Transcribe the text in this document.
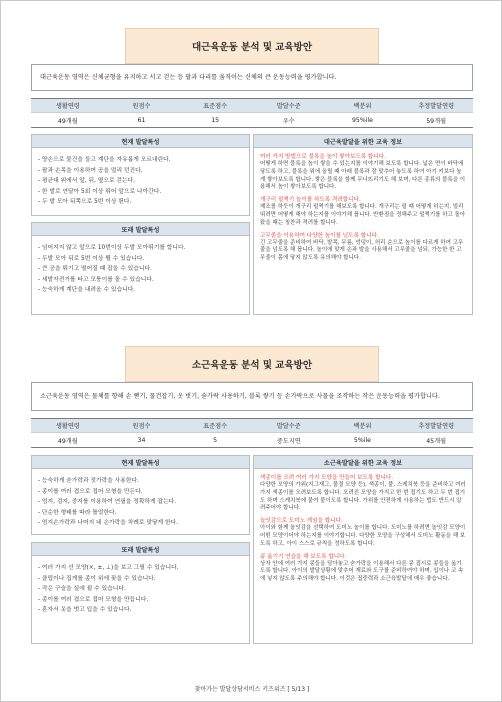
대근육운동 분석 및 교육방안
대근육운동 영역은 신체균형을 유지하고 서고 걷는 등 팔과 다리를 움직이는 신체의 큰 운동능력을 평가합니다.
생활연령	원점수	표준점수	발달수준	백분위	추정발달연령
49개월	61	15	우수	95%ile	59개월
현재 발달특성
- 양손으로 물건을 들고 계단을 자유롭게 오르내린다.
- 팔과 손목을 이용하여 공을 멀리 던진다.
- 평균대 위에서 앞, 뒤, 옆으로 걷는다.
- 한 발로 연달아 5회 이상 뛰어 앞으로 나아간다.
- 두 발 모아 뒤쪽으로 5번 이상 뛴다.
또래 발달특성
- 넘어지지 않고 앞으로 10번이상 두발 모아뛰기를 합니다.
- 두발 모아 뒤로 5번 이상 뛸 수 있습니다.
- 큰 공을 튀기고 떨어질 때 잡을 수 있습니다.
- 세발자전거를 타고 모퉁이를 돌 수 있습니다.
- 능숙하게 계단을 내려올 수 있습니다.
대근육발달을 위한 교육 정보
여러 가지 방법으로 블록을 높이 쌓아보도록 합니다.
어떻게 하면 블록을 높이 쌓을 수 있는지를 이야기해 보도록 합니다. 넓은 면이 바닥에 닿도록 하고, 블록을 위에 올릴 때 아래 블록과 잘 맞추어 놓도록 하여 아기 키보다 높게 쌓아보도록 합니다. 쌓은 블록을 함께 무너뜨리기도 해 보며, 다른 종류의 블록을 이용해서 높이 쌓아보도록 합니다.
개구리 펄쩍기 놀이를 하도록 격려합니다.
제조를 하듯이 개구리 펄쩍기를 해보도록 합니다. 개구리는 펄 때 어떻게 하는지, 멀리 뛰려면 어떻게 해야 하는지를 이야기해 봅니다. 반환점을 정해주고 펄쩍기를 하고 돌아왔을 때는 칭찬과 격려를 합니다.
고무줄을 이용하여 다양한 높이를 넘도록 합니다.
긴 고무줄을 준비하여 바닥, 발목, 무릎, 엉덩이, 허리 순으로 높이를 다르게 하여 고무줄을 넘도록 해 봅니다. 높이에 맞게 손과 발을 사용해서 고무줄을 넘되, 가능한 한 고무줄이 몸에 닿지 않도록 유의해야 합니다.
소근육운동 분석 및 교육방안
소근육운동 영역은 물체를 향해 손 뻗기, 물건잡기, 옷 벗기, 숟가락 사용하기, 블록 쌓기 등 손가락으로 사물을 조작하는 작은 운동능력을 평가합니다.
생활연령	원점수	표준점수	발달수준	백분위	추정발달연령
49개월	34	5	중도지연	5%ile	45개월
현재 발달특성
- 능숙하게 숟가락과 젓가락을 사용한다.
- 종이를 여러 겹으로 접어 모형을 만든다.
- 엄지, 검지, 중지를 이용하여 연필을 정확하게 잡는다.
- 단순한 형태를 따라 틀었한다.
- 엄지손가락과 나머지 네 손가락을 차례로 맞닿게 한다.
또래 발달특성
- 여러 가지 선 모양(×, ±, ⊥)을 보고 그릴 수 있습니다.
- 클립이나 집게를 종이 위에 꽂을 수 있습니다.
- 작은 구슬을 실에 뀔 수 있습니다.
- 종이를 여러 겹으로 접어 모형을 만듭니다.
- 혼자서 옷을 벗고 입을 수 있습니다.
소근육발달을 위한 교육 정보
색종이를 오려 여러 가지 모양을 만들어 보도록 합니다.
다양한 모양의 가위(지그재그, 물결 모양 등), 색종이, 풀, 스케치북 등을 준비하고 여러 가지 색종이를 오려보도록 합니다. 오려진 모양을 가지고 한 번 접기도 하고 두 번 접기도 하며 스케치북에 붙여 붙이도록 합니다. 가위를 안전하게 사용하는 법도 반드시 알려주어야 합니다.
놀잇감으로 도미노 게임을 합니다.
아이와 함께 놀잇감을 선택하여 도미노 놀이를 합니다. 도미노를 하려면 놀잇감 모양이 어떤 모양이어야 하는지를 이야기합니다. 다양한 모양을 구성해서 도미노 활동을 해 보도록 하고, 아이 스스로 규칙을 정하도록 합니다.
콩 옮기기 연습을 해 보도록 합니다.
상자 안에 여러 가지 콩들을 담아놓고 숟가락을 이용해서 다른 콩 접시로 콩들을 옮기도록 합니다. 아이의 발달상황에 맞추어 재료와 도구를 준비하여야 하며, 입이나 코 속에 넣지 않도록 주의해야 합니다. 이것은 집중력과 소근육발달에 매우 좋습니다.
찾아가는 발달상담서비스 키즈위즈 [ 5/13 ]
